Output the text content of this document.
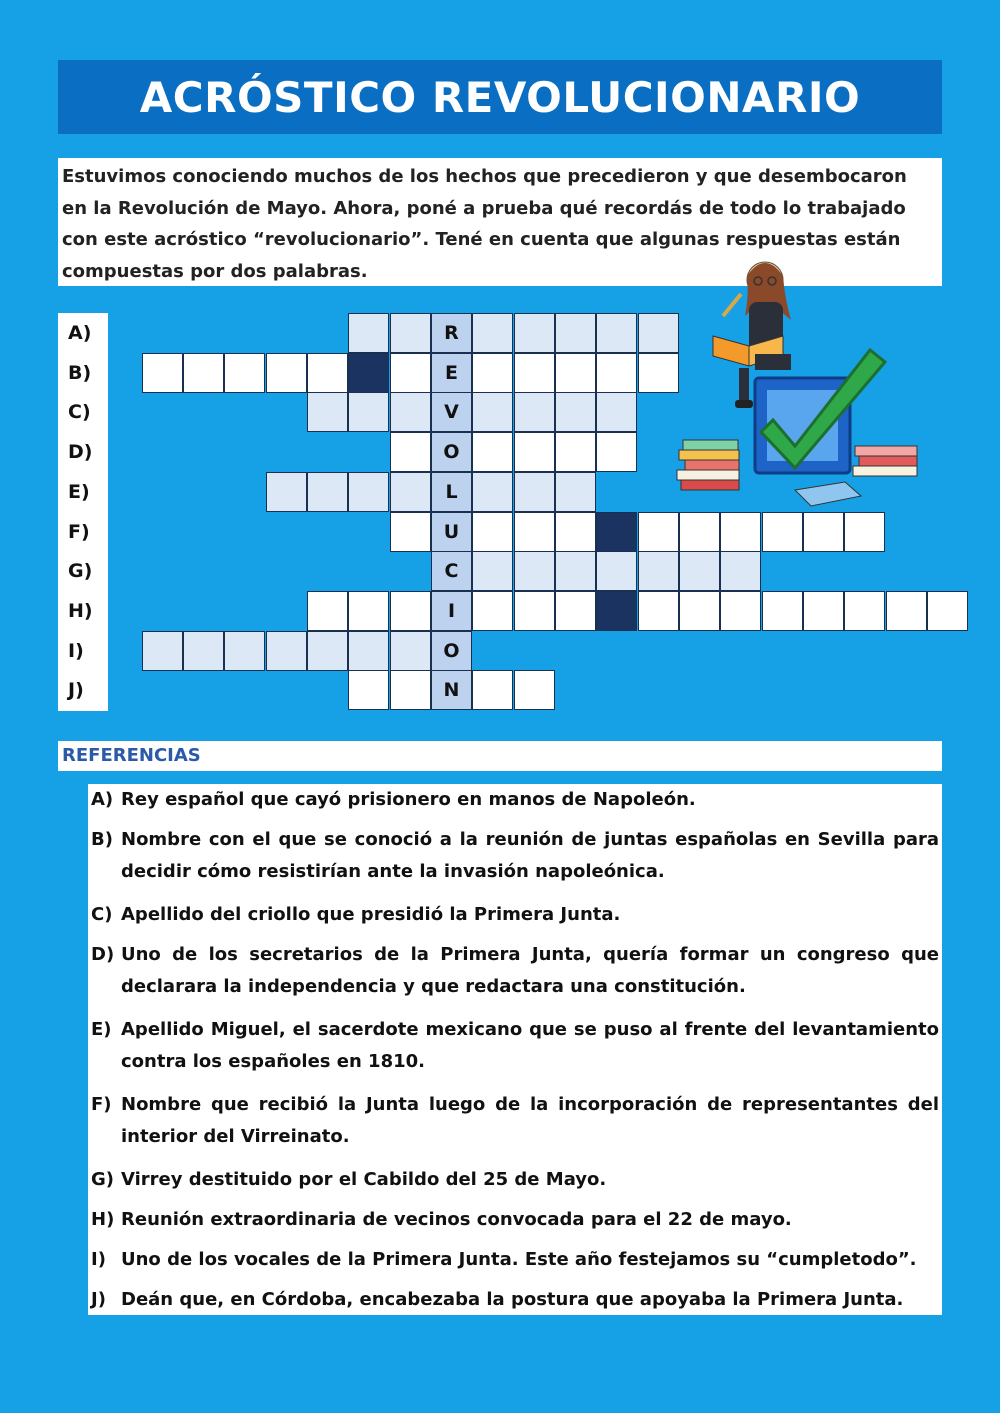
ACRÓSTICO REVOLUCIONARIO
Estuvimos conociendo muchos de los hechos que precedieron y que desembocaron en la Revolución de Mayo. Ahora, poné a prueba qué recordás de todo lo trabajado con este acróstico “revolucionario”. Tené en cuenta que algunas respuestas están compuestas por dos palabras.
A)
B)
C)
D)
E)
F)
G)
H)
I)
J)
R
E
V
O
L
U
C
I
O
N
REFERENCIAS
A) Rey español que cayó prisionero en manos de Napoleón.
B) Nombre con el que se conoció a la reunión de juntas españolas en Sevilla para decidir cómo resistirían ante la invasión napoleónica.
C) Apellido del criollo que presidió la Primera Junta.
D) Uno de los secretarios de la Primera Junta, quería formar un congreso que declarara la independencia y que redactara una constitución.
E) Apellido Miguel, el sacerdote mexicano que se puso al frente del levantamiento contra los españoles en 1810.
F) Nombre que recibió la Junta luego de la incorporación de representantes del interior del Virreinato.
G) Virrey destituido por el Cabildo del 25 de Mayo.
H) Reunión extraordinaria de vecinos convocada para el 22 de mayo.
I) Uno de los vocales de la Primera Junta. Este año festejamos su “cumpletodo”.
J) Deán que, en Córdoba, encabezaba la postura que apoyaba la Primera Junta.
